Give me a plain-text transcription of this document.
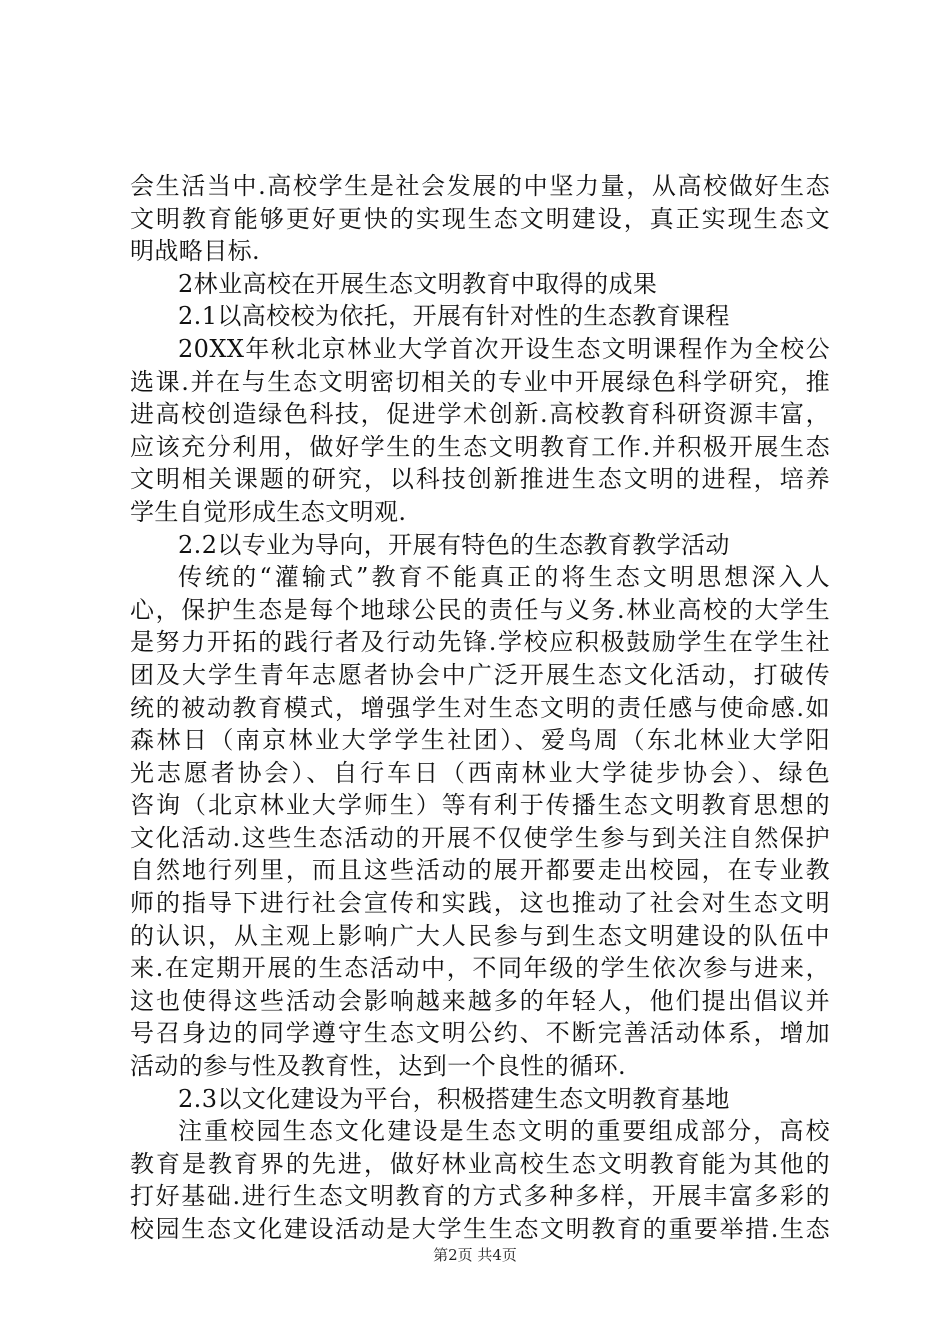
会生活当中.高校学生是社会发展的中坚力量，从高校做好生态
文明教育能够更好更快的实现生态文明建设，真正实现生态文
明战略目标.
2林业高校在开展生态文明教育中取得的成果
2.1以高校校为依托，开展有针对性的生态教育课程
20XX年秋北京林业大学首次开设生态文明课程作为全校公
选课.并在与生态文明密切相关的专业中开展绿色科学研究，推
进高校创造绿色科技，促进学术创新.高校教育科研资源丰富，
应该充分利用，做好学生的生态文明教育工作.并积极开展生态
文明相关课题的研究，以科技创新推进生态文明的进程，培养
学生自觉形成生态文明观.
2.2以专业为导向，开展有特色的生态教育教学活动
传统的“灌输式”教育不能真正的将生态文明思想深入人
心，保护生态是每个地球公民的责任与义务.林业高校的大学生
是努力开拓的践行者及行动先锋.学校应积极鼓励学生在学生社
团及大学生青年志愿者协会中广泛开展生态文化活动，打破传
统的被动教育模式，增强学生对生态文明的责任感与使命感.如
森林日（南京林业大学学生社团）、爱鸟周（东北林业大学阳
光志愿者协会）、自行车日（西南林业大学徒步协会）、绿色
咨询（北京林业大学师生）等有利于传播生态文明教育思想的
文化活动.这些生态活动的开展不仅使学生参与到关注自然保护
自然地行列里，而且这些活动的展开都要走出校园，在专业教
师的指导下进行社会宣传和实践，这也推动了社会对生态文明
的认识，从主观上影响广大人民参与到生态文明建设的队伍中
来.在定期开展的生态活动中，不同年级的学生依次参与进来，
这也使得这些活动会影响越来越多的年轻人，他们提出倡议并
号召身边的同学遵守生态文明公约、不断完善活动体系，增加
活动的参与性及教育性，达到一个良性的循环.
2.3以文化建设为平台，积极搭建生态文明教育基地
注重校园生态文化建设是生态文明的重要组成部分，高校
教育是教育界的先进，做好林业高校生态文明教育能为其他的
打好基础.进行生态文明教育的方式多种多样，开展丰富多彩的
校园生态文化建设活动是大学生生态文明教育的重要举措.生态
第2页 共4页
